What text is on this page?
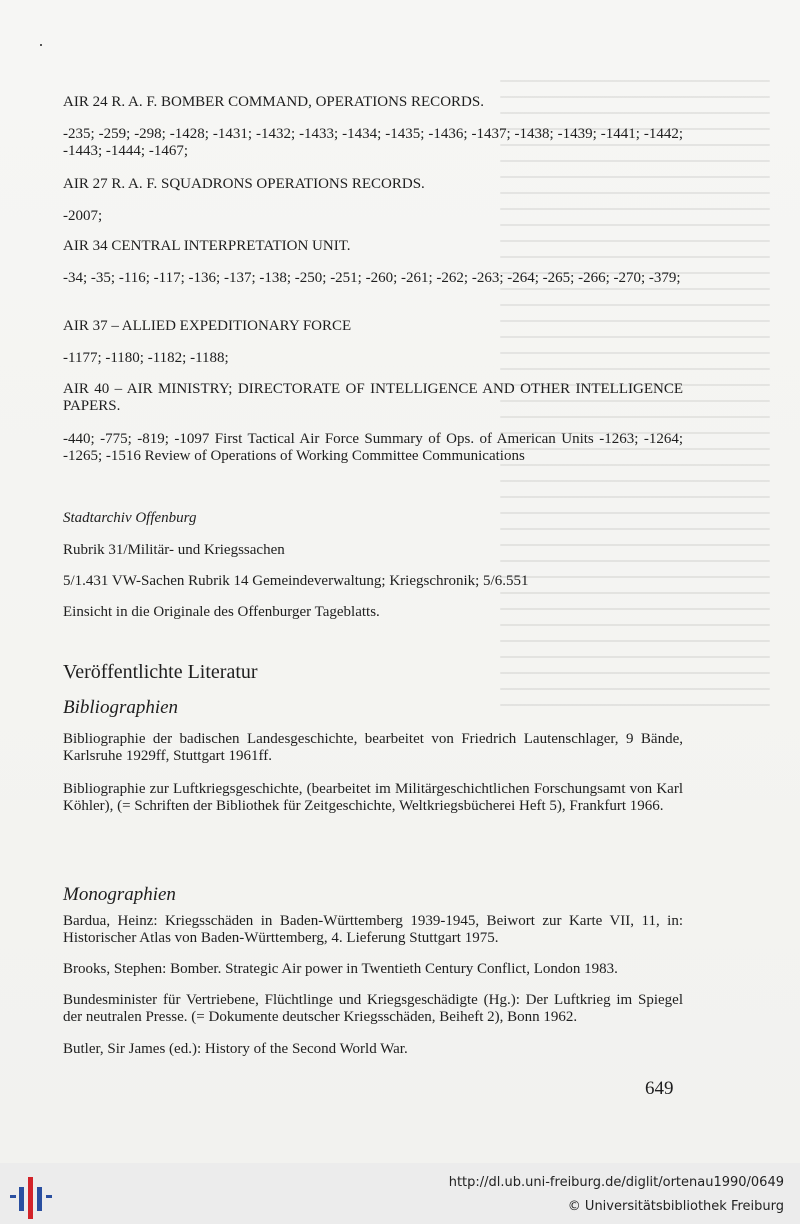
AIR 24 R. A. F. BOMBER COMMAND, OPERATIONS RECORDS.

-235; -259; -298; -1428; -1431; -1432; -1433; -1434; -1435; -1436; -1437; -1438; -1439; -1441; -1442; -1443; -1444; -1467;

AIR 27 R. A. F. SQUADRONS OPERATIONS RECORDS.

-2007;

AIR 34 CENTRAL INTERPRETATION UNIT.

-34; -35; -116; -117; -136; -137; -138; -250; -251; -260; -261; -262; -263; -264; -265; -266; -270; -379;

AIR 37 – ALLIED EXPEDITIONARY FORCE

-1177; -1180; -1182; -1188;

AIR 40 – AIR MINISTRY; DIRECTORATE OF INTELLIGENCE AND OTHER INTELLIGENCE PAPERS.

-440; -775; -819; -1097 First Tactical Air Force Summary of Ops. of American Units -1263; -1264; -1265; -1516 Review of Operations of Working Committee Communications

Stadtarchiv Offenburg

Rubrik 31/Militär- und Kriegssachen

5/1.431 VW-Sachen Rubrik 14 Gemeindeverwaltung; Kriegschronik; 5/6.551

Einsicht in die Originale des Offenburger Tageblatts.

Veröffentlichte Literatur

Bibliographien

Bibliographie der badischen Landesgeschichte, bearbeitet von Friedrich Lautenschlager, 9 Bände, Karlsruhe 1929ff, Stuttgart 1961ff.

Bibliographie zur Luftkriegsgeschichte, (bearbeitet im Militärgeschichtlichen Forschungsamt von Karl Köhler), (= Schriften der Bibliothek für Zeitgeschichte, Weltkriegsbücherei Heft 5), Frankfurt 1966.

Monographien

Bardua, Heinz: Kriegsschäden in Baden-Württemberg 1939-1945, Beiwort zur Karte VII, 11, in: Historischer Atlas von Baden-Württemberg, 4. Lieferung Stuttgart 1975.

Brooks, Stephen: Bomber. Strategic Air power in Twentieth Century Conflict, London 1983.

Bundesminister für Vertriebene, Flüchtlinge und Kriegsgeschädigte (Hg.): Der Luftkrieg im Spiegel der neutralen Presse. (= Dokumente deutscher Kriegsschäden, Beiheft 2), Bonn 1962.

Butler, Sir James (ed.): History of the Second World War.

649
http://dl.ub.uni-freiburg.de/diglit/ortenau1990/0649
© Universitätsbibliothek Freiburg
